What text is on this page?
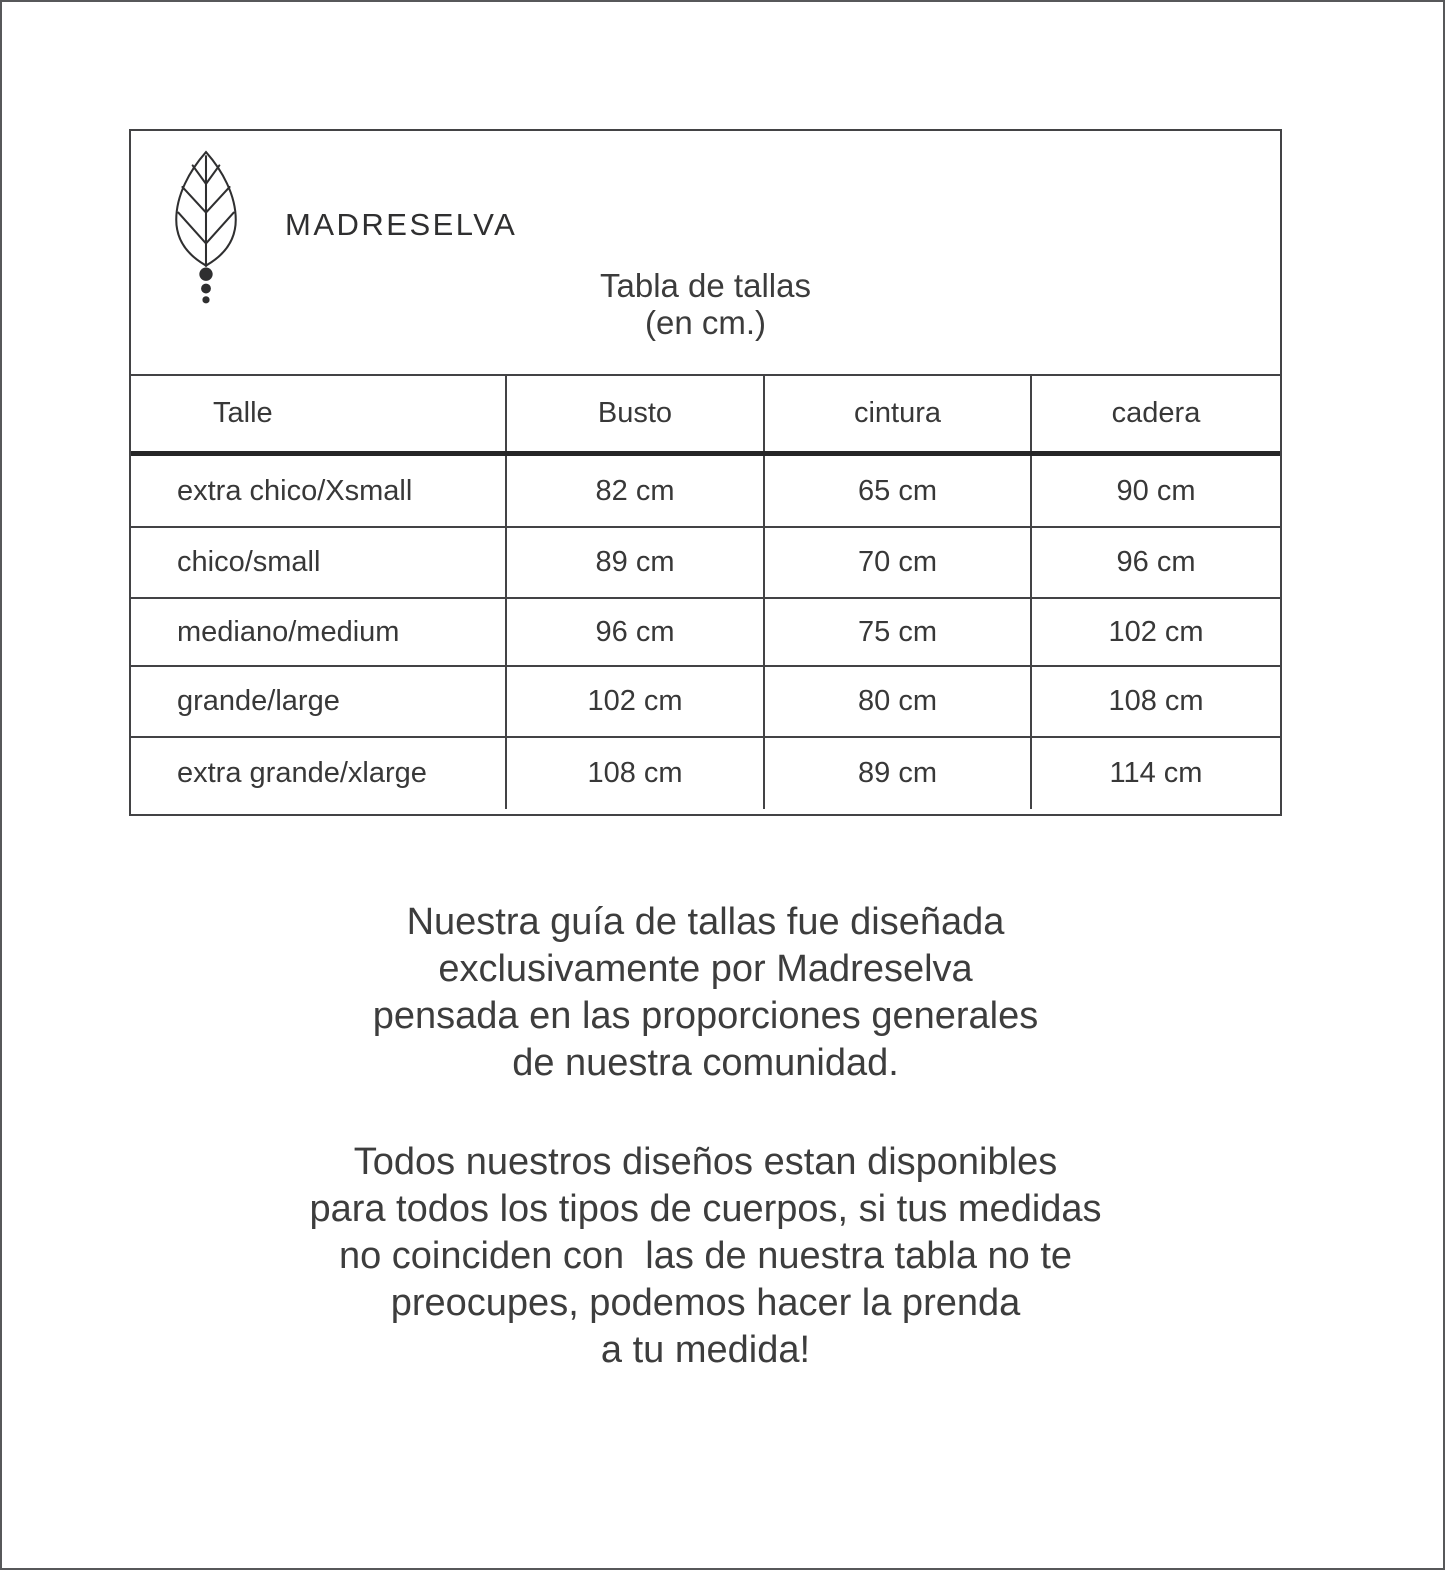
MADRESELVA
Tabla de tallas
(en cm.)
Talle	Busto	cintura	cadera
extra chico/Xsmall	82 cm	65 cm	90 cm
chico/small	89 cm	70 cm	96 cm
mediano/medium	96 cm	75 cm	102 cm
grande/large	102 cm	80 cm	108 cm
extra grande/xlarge	108 cm	89 cm	114 cm
Nuestra guía de tallas fue diseñada
exclusivamente por Madreselva
pensada en las proporciones generales
de nuestra comunidad.
Todos nuestros diseños estan disponibles
para todos los tipos de cuerpos, si tus medidas
no coinciden con  las de nuestra tabla no te
preocupes, podemos hacer la prenda
a tu medida!
